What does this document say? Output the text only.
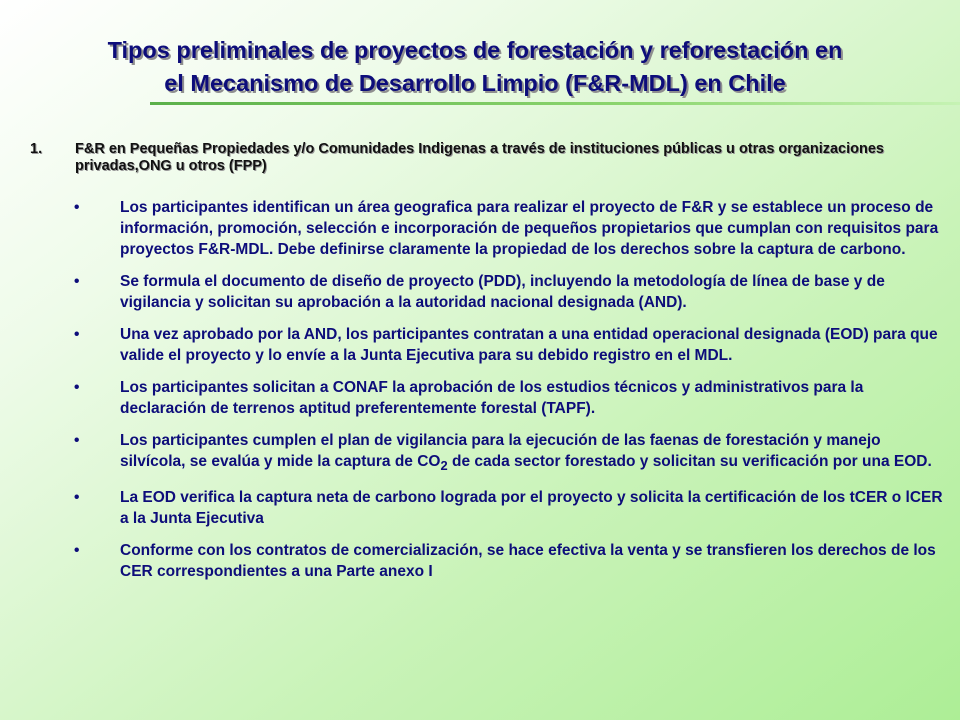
Tipos preliminales de proyectos de forestación y reforestación en
el Mecanismo de Desarrollo Limpio (F&R-MDL) en Chile
1. F&R en Pequeñas Propiedades y/o Comunidades Indigenas a través de instituciones públicas u otras organizaciones privadas,ONG u otros (FPP)
•	Los participantes identifican un área geografica para realizar el proyecto de F&R y se establece un proceso de información, promoción, selección e incorporación de pequeños propietarios que cumplan con requisitos para proyectos F&R-MDL. Debe definirse claramente la propiedad de los derechos sobre la captura de carbono.
•	Se formula el documento de diseño de proyecto (PDD), incluyendo la metodología de línea de base y de vigilancia y solicitan su aprobación a la autoridad nacional designada (AND).
•	Una vez aprobado por la AND, los participantes contratan a una entidad operacional designada (EOD) para que valide el proyecto y lo envíe a la Junta Ejecutiva para su debido registro en el MDL.
•	Los participantes solicitan a CONAF la aprobación de los estudios técnicos y administrativos para la declaración de terrenos aptitud preferentemente forestal (TAPF).
•	Los participantes cumplen el plan de vigilancia para la ejecución de las faenas de forestación y manejo silvícola, se evalúa y mide la captura de $CO_2$ de cada sector forestado y solicitan su verificación por una EOD.
•	La EOD verifica la captura neta de carbono lograda por el proyecto y solicita la certificación de los tCER o lCER a la Junta Ejecutiva
•	Conforme con los contratos de comercialización, se hace efectiva la venta y se transfieren los derechos de los CER correspondientes a una Parte anexo I
